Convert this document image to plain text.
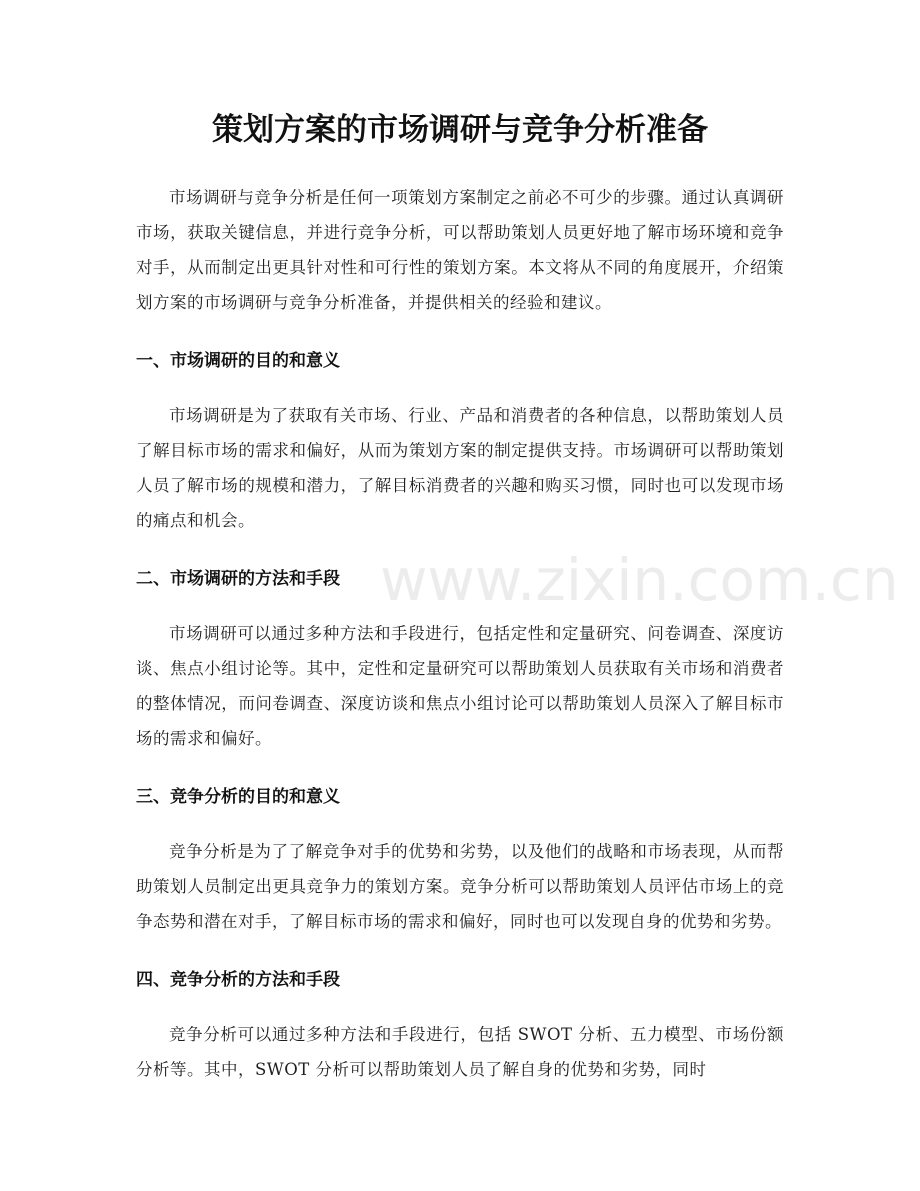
策划方案的市场调研与竞争分析准备

市场调研与竞争分析是任何一项策划方案制定之前必不可少的步骤。通过认真调研市场，获取关键信息，并进行竞争分析，可以帮助策划人员更好地了解市场环境和竞争对手，从而制定出更具针对性和可行性的策划方案。本文将从不同的角度展开，介绍策划方案的市场调研与竞争分析准备，并提供相关的经验和建议。

一、市场调研的目的和意义

市场调研是为了获取有关市场、行业、产品和消费者的各种信息，以帮助策划人员了解目标市场的需求和偏好，从而为策划方案的制定提供支持。市场调研可以帮助策划人员了解市场的规模和潜力，了解目标消费者的兴趣和购买习惯，同时也可以发现市场的痛点和机会。

二、市场调研的方法和手段

市场调研可以通过多种方法和手段进行，包括定性和定量研究、问卷调查、深度访谈、焦点小组讨论等。其中，定性和定量研究可以帮助策划人员获取有关市场和消费者的整体情况，而问卷调查、深度访谈和焦点小组讨论可以帮助策划人员深入了解目标市场的需求和偏好。

三、竞争分析的目的和意义

竞争分析是为了了解竞争对手的优势和劣势，以及他们的战略和市场表现，从而帮助策划人员制定出更具竞争力的策划方案。竞争分析可以帮助策划人员评估市场上的竞争态势和潜在对手，了解目标市场的需求和偏好，同时也可以发现自身的优势和劣势。

四、竞争分析的方法和手段

竞争分析可以通过多种方法和手段进行，包括 SWOT 分析、五力模型、市场份额分析等。其中，SWOT 分析可以帮助策划人员了解自身的优势和劣势，同时

www.zixin.com.cn
